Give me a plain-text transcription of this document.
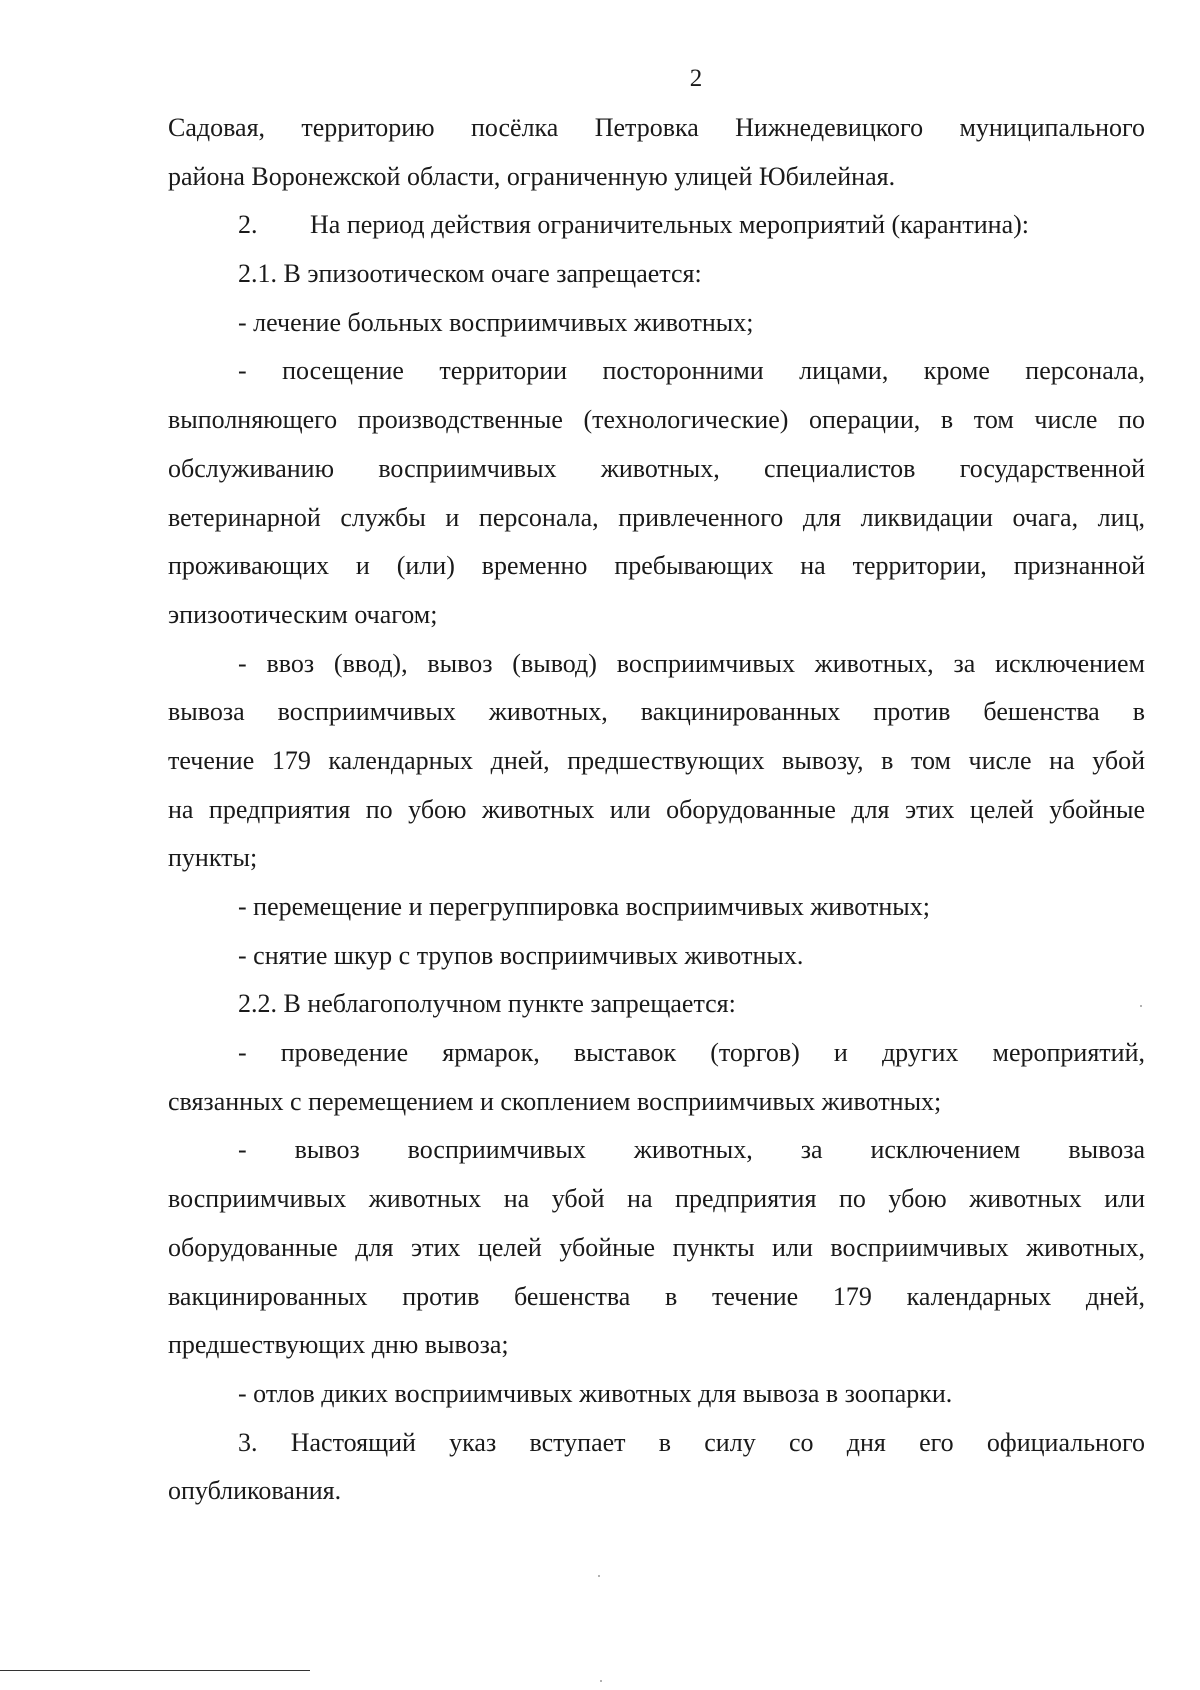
2
Садовая, территорию посёлка Петровка Нижнедевицкого муниципального
района Воронежской области, ограниченную улицей Юбилейная.
2. На период действия ограничительных мероприятий (карантина):
2.1. В эпизоотическом очаге запрещается:
- лечение больных восприимчивых животных;
- посещение территории посторонними лицами, кроме персонала,
выполняющего производственные (технологические) операции, в том числе по
обслуживанию восприимчивых животных, специалистов государственной
ветеринарной службы и персонала, привлеченного для ликвидации очага, лиц,
проживающих и (или) временно пребывающих на территории, признанной
эпизоотическим очагом;
- ввоз (ввод), вывоз (вывод) восприимчивых животных, за исключением
вывоза восприимчивых животных, вакцинированных против бешенства в
течение 179 календарных дней, предшествующих вывозу, в том числе на убой
на предприятия по убою животных или оборудованные для этих целей убойные
пункты;
- перемещение и перегруппировка восприимчивых животных;
- снятие шкур с трупов восприимчивых животных.
2.2. В неблагополучном пункте запрещается:
- проведение ярмарок, выставок (торгов) и других мероприятий,
связанных с перемещением и скоплением восприимчивых животных;
- вывоз восприимчивых животных, за исключением вывоза
восприимчивых животных на убой на предприятия по убою животных или
оборудованные для этих целей убойные пункты или восприимчивых животных,
вакцинированных против бешенства в течение 179 календарных дней,
предшествующих дню вывоза;
- отлов диких восприимчивых животных для вывоза в зоопарки.
3. Настоящий указ вступает в силу со дня его официального
опубликования.
